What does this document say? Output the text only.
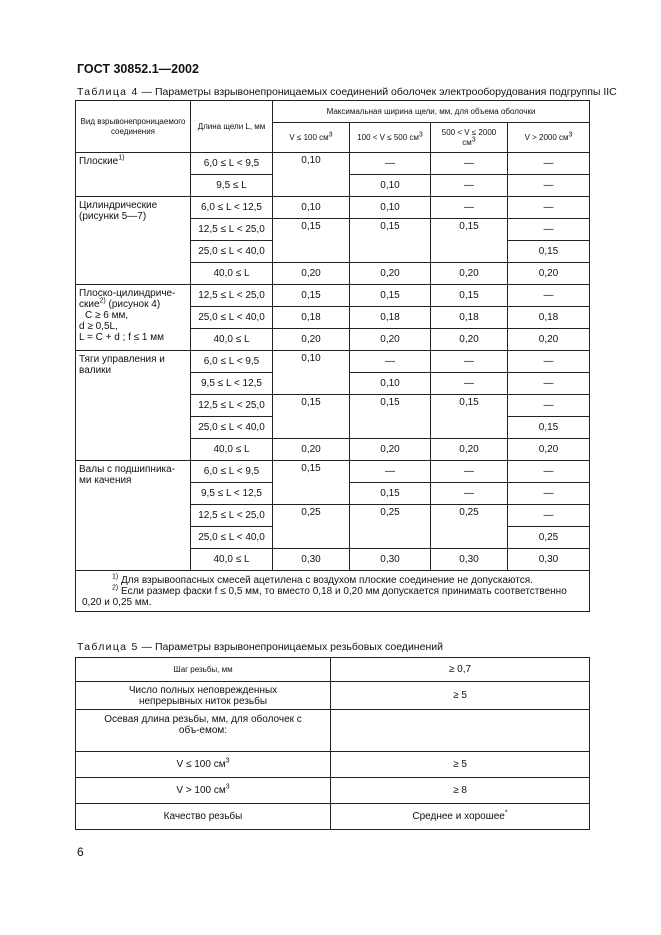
ГОСТ 30852.1—2002
Таблица 4 — Параметры взрывонепроницаемых соединений оболочек электрооборудования подгруппы IIC
Вид взрывонепроницаемого соединения	Длина щели L, мм	Максимальная ширина щели, мм, для объема оболочки			
		V ≤ 100 $см^3$	100 < V ≤ 500 $см^3$	500 < V ≤ 2000 $см^3$	V > 2000 $см^3$
Плоские$^{1)}$	6,0 ≤ L < 9,5	0,10	—	—	—
	9,5 ≤ L		0,10	—	—
Цилиндрические (рисунки 5—7)	6,0 ≤ L < 12,5	0,10	0,10	—	—
	12,5 ≤ L < 25,0	0,15	0,15	0,15	—
	25,0 ≤ L < 40,0				0,15
	40,0 ≤ L	0,20	0,20	0,20	0,20
Плоско-цилиндриче-
ские$^{2)}$ (рисунок 4)
C ≥ 6 мм,
d ≥ 0,5L,
L = C + d ; f ≤ 1 мм	12,5 ≤ L < 25,0	0,15	0,15	0,15	—
	25,0 ≤ L < 40,0	0,18	0,18	0,18	0,18
	40,0 ≤ L	0,20	0,20	0,20	0,20
Тяги управления и валики	6,0 ≤ L < 9,5	0,10	—	—	—
	9,5 ≤ L < 12,5		0,10	—	—
	12,5 ≤ L < 25,0	0,15	0,15	0,15	—
	25,0 ≤ L < 40,0				0,15
	40,0 ≤ L	0,20	0,20	0,20	0,20
Валы с подшипника-ми качения	6,0 ≤ L < 9,5	0,15	—	—	—
	9,5 ≤ L < 12,5		0,15	—	—
	12,5 ≤ L < 25,0	0,25	0,25	0,25	—
	25,0 ≤ L < 40,0				0,25
	40,0 ≤ L	0,30	0,30	0,30	0,30

$^{1)}$ Для взрывоопасных смесей ацетилена с воздухом плоские соединение не допускаются.
$^{2)}$ Если размер фаски f ≤ 0,5 мм, то вместо 0,18 и 0,20 мм допускается принимать соответственно 0,20 и 0,25 мм.					
Таблица 5 — Параметры взрывонепроницаемых резьбовых соединений
Шаг резьбы, мм	≥ 0,7
Число полных неповрежденных непрерывных ниток резьбы	≥ 5
Осевая длина резьбы, мм, для оболочек с объ-емом:	
V ≤ 100 $см^3$	≥ 5
V > 100 $см^3$	≥ 8
Качество резьбы	Среднее и хорошее*
6
